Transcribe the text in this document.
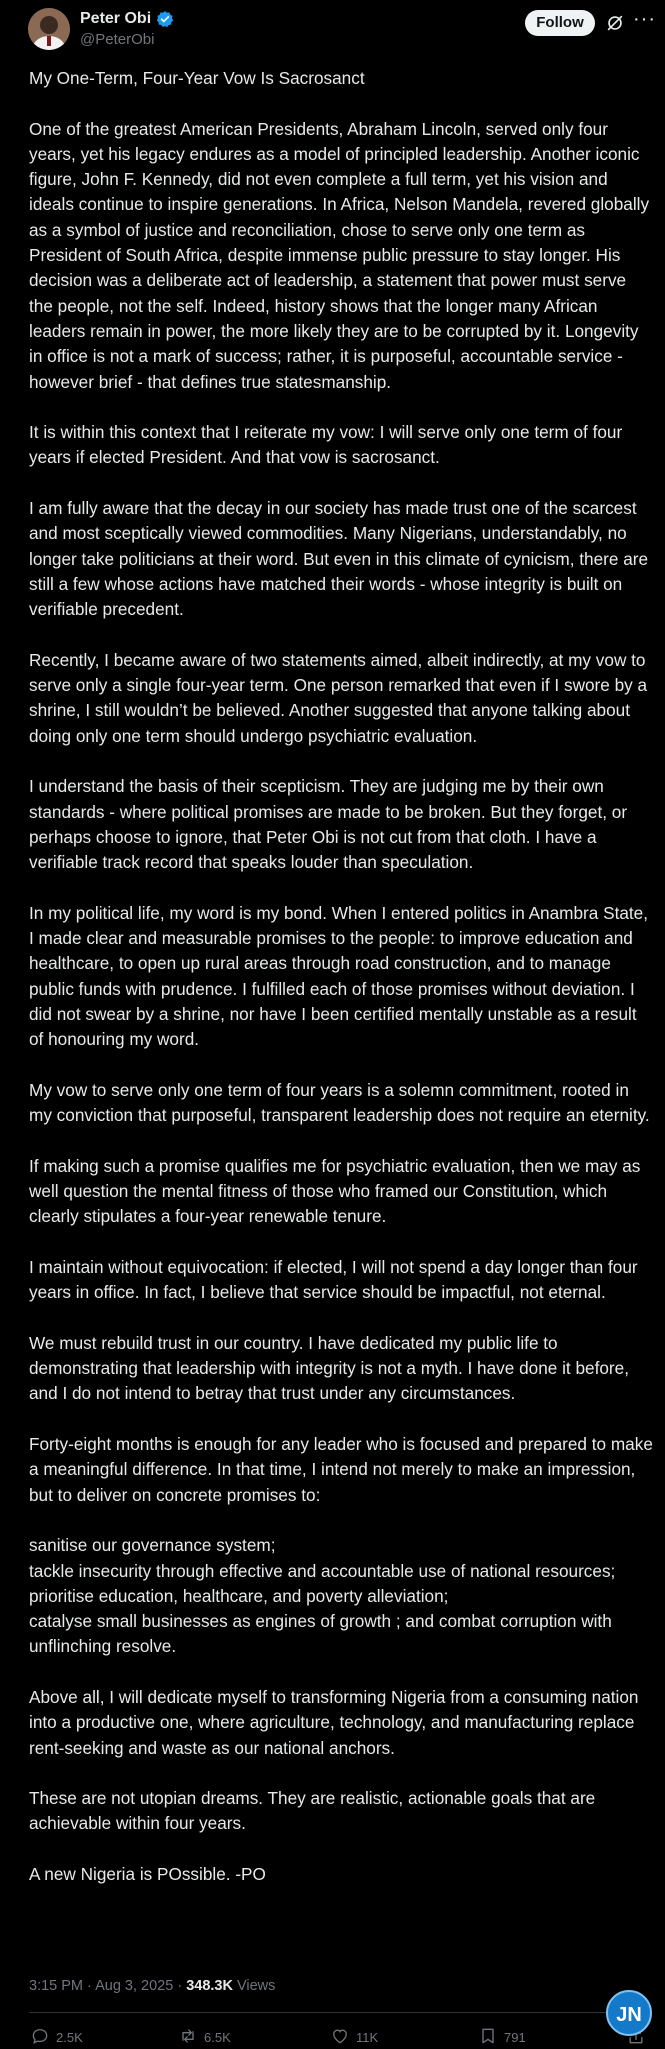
Peter Obi
@PeterObi
Follow	···

My One-Term, Four-Year Vow Is Sacrosanct

One of the greatest American Presidents, Abraham Lincoln, served only four years, yet his legacy endures as a model of principled leadership. Another iconic figure, John F. Kennedy, did not even complete a full term, yet his vision and ideals continue to inspire generations. In Africa, Nelson Mandela, revered globally as a symbol of justice and reconciliation, chose to serve only one term as President of South Africa, despite immense public pressure to stay longer. His decision was a deliberate act of leadership, a statement that power must serve the people, not the self. Indeed, history shows that the longer many African leaders remain in power, the more likely they are to be corrupted by it. Longevity in office is not a mark of success; rather, it is purposeful, accountable service - however brief - that defines true statesmanship.

It is within this context that I reiterate my vow: I will serve only one term of four years if elected President. And that vow is sacrosanct.

I am fully aware that the decay in our society has made trust one of the scarcest and most sceptically viewed commodities. Many Nigerians, understandably, no longer take politicians at their word. But even in this climate of cynicism, there are still a few whose actions have matched their words - whose integrity is built on verifiable precedent.

Recently, I became aware of two statements aimed, albeit indirectly, at my vow to serve only a single four-year term. One person remarked that even if I swore by a shrine, I still wouldn’t be believed. Another suggested that anyone talking about doing only one term should undergo psychiatric evaluation.

I understand the basis of their scepticism. They are judging me by their own standards - where political promises are made to be broken. But they forget, or perhaps choose to ignore, that Peter Obi is not cut from that cloth. I have a verifiable track record that speaks louder than speculation.

In my political life, my word is my bond. When I entered politics in Anambra State, I made clear and measurable promises to the people: to improve education and healthcare, to open up rural areas through road construction, and to manage public funds with prudence. I fulfilled each of those promises without deviation. I did not swear by a shrine, nor have I been certified mentally unstable as a result of honouring my word.

My vow to serve only one term of four years is a solemn commitment, rooted in my conviction that purposeful, transparent leadership does not require an eternity.

If making such a promise qualifies me for psychiatric evaluation, then we may as well question the mental fitness of those who framed our Constitution, which clearly stipulates a four-year renewable tenure.

I maintain without equivocation: if elected, I will not spend a day longer than four years in office. In fact, I believe that service should be impactful, not eternal.

We must rebuild trust in our country. I have dedicated my public life to demonstrating that leadership with integrity is not a myth. I have done it before, and I do not intend to betray that trust under any circumstances.

Forty-eight months is enough for any leader who is focused and prepared to make a meaningful difference. In that time, I intend not merely to make an impression, but to deliver on concrete promises to:

sanitise our governance system;
tackle insecurity through effective and accountable use of national resources; prioritise education, healthcare, and poverty alleviation;
catalyse small businesses as engines of growth ; and combat corruption with unflinching resolve.

Above all, I will dedicate myself to transforming Nigeria from a consuming nation into a productive one, where agriculture, technology, and manufacturing replace rent-seeking and waste as our national anchors.

These are not utopian dreams. They are realistic, actionable goals that are achievable within four years.

A new Nigeria is POssible. -PO

3:15 PM · Aug 3, 2025 · 348.3K Views
2.5K	6.5K	11K	791
JN
